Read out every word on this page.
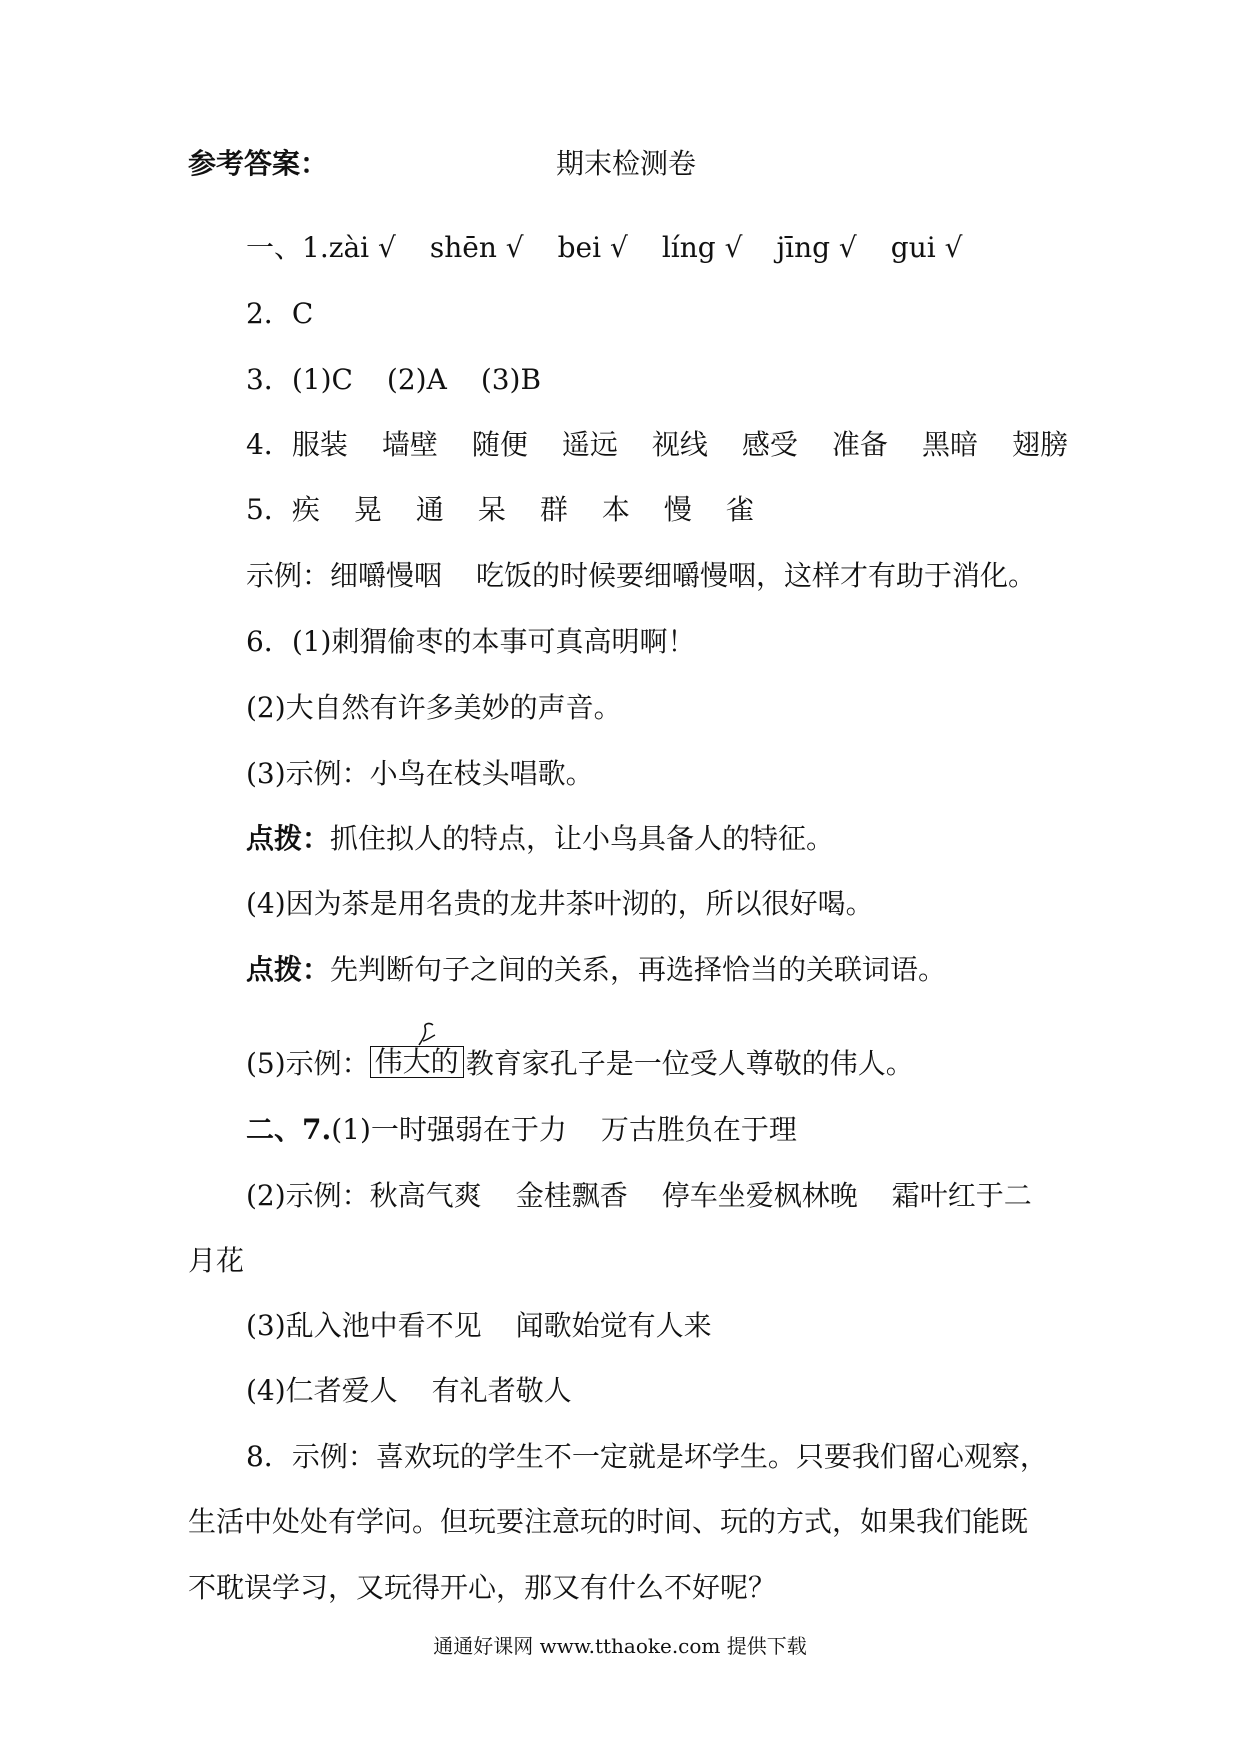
参考答案：	期末检测卷
一、1.zài √ shēn √ bei √ líng √ jīng √ gui √
2．C
3．(1)C (2)A (3)B
4．服装 墙壁 随便 遥远 视线 感受 准备 黑暗 翅膀
5．疾 晃 通 呆 群 本 慢 雀
示例：细嚼慢咽 吃饭的时候要细嚼慢咽，这样才有助于消化。
6．(1)刺猬偷枣的本事可真高明啊！
(2)大自然有许多美妙的声音。
(3)示例：小鸟在枝头唱歌。
点拨：抓住拟人的特点，让小鸟具备人的特征。
(4)因为茶是用名贵的龙井茶叶沏的，所以很好喝。
点拨：先判断句子之间的关系，再选择恰当的关联词语。
(5)示例： 伟大的 教育家孔子是一位受人尊敬的伟人。
二、7.(1)一时强弱在于力 万古胜负在于理
(2)示例：秋高气爽 金桂飘香 停车坐爱枫林晚 霜叶红于二
月花
(3)乱入池中看不见 闻歌始觉有人来
(4)仁者爱人 有礼者敬人
8．示例：喜欢玩的学生不一定就是坏学生。只要我们留心观察，
生活中处处有学问。但玩要注意玩的时间、玩的方式，如果我们能既
不耽误学习，又玩得开心，那又有什么不好呢？
通通好课网 www.tthaoke.com 提供下载
